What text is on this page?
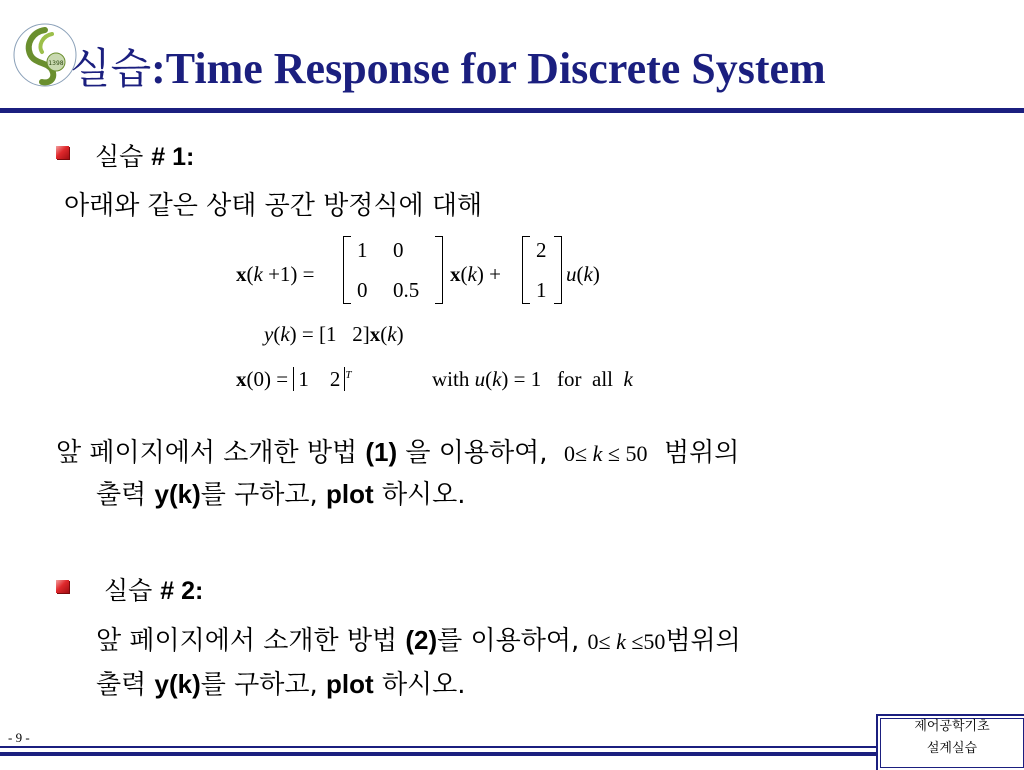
1398 실습:Time Response for Discrete System
실습 # 1:
아래와 같은 상태 공간 방정식에 대해
x(k +1) =
1 0
0 0.5
x(k) +
2
1
u(k)
y(k) = [1   2]x(k)
x(0) = 1    2 $^T$	with u(k) = 1   for  all  k
앞 페이지에서 소개한 방법 (1) 을 이용하여, 0≤ k ≤ 50 범위의
출력 y(k)를 구하고, plot 하시오.
실습 # 2:
앞 페이지에서 소개한 방법 (2)를 이용하여, 0≤ k ≤50범위의
출력 y(k)를 구하고, plot 하시오.
- 9 -
제어공학기초
설계실습
